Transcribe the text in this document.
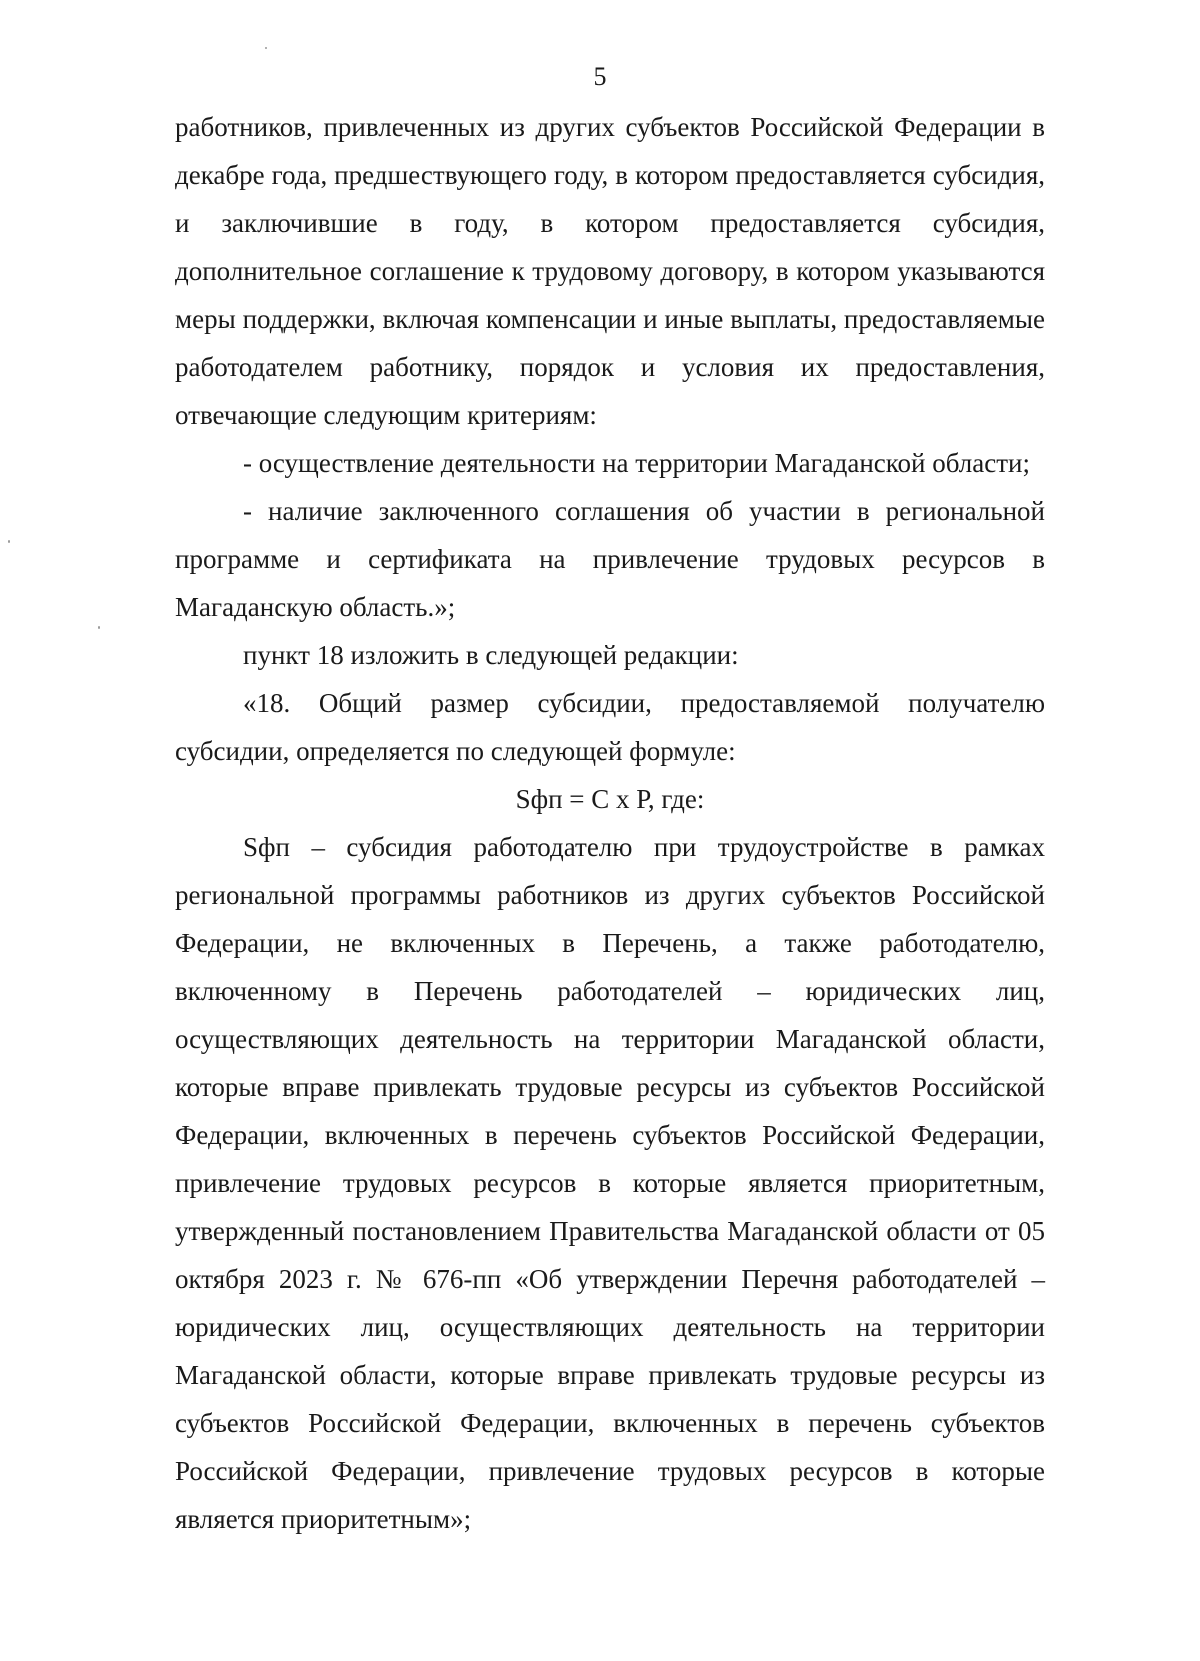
5

работников, привлеченных из других субъектов Российской Федерации в декабре года, предшествующего году, в котором предоставляется субсидия, и заключившие в году, в котором предоставляется субсидия, дополнительное соглашение к трудовому договору, в котором указываются меры поддержки, включая компенсации и иные выплаты, предоставляемые работодателем работнику, порядок и условия их предоставления, отвечающие следующим критериям:

- осуществление деятельности на территории Магаданской области;

- наличие заключенного соглашения об участии в региональной программе и сертификата на привлечение трудовых ресурсов в Магаданскую область.»;

пункт 18 изложить в следующей редакции:

«18. Общий размер субсидии, предоставляемой получателю субсидии, определяется по следующей формуле:

Sфп = С х Р, где:

Sфп – субсидия работодателю при трудоустройстве в рамках региональной программы работников из других субъектов Российской Федерации, не включенных в Перечень, а также работодателю, включенному в Перечень работодателей – юридических лиц, осуществляющих деятельность на территории Магаданской области, которые вправе привлекать трудовые ресурсы из субъектов Российской Федерации, включенных в перечень субъектов Российской Федерации, привлечение трудовых ресурсов в которые является приоритетным, утвержденный постановлением Правительства Магаданской области от 05 октября 2023 г. № 676-пп «Об утверждении Перечня работодателей – юридических лиц, осуществляющих деятельность на территории Магаданской области, которые вправе привлекать трудовые ресурсы из субъектов Российской Федерации, включенных в перечень субъектов Российской Федерации, привлечение трудовых ресурсов в которые является приоритетным»;
